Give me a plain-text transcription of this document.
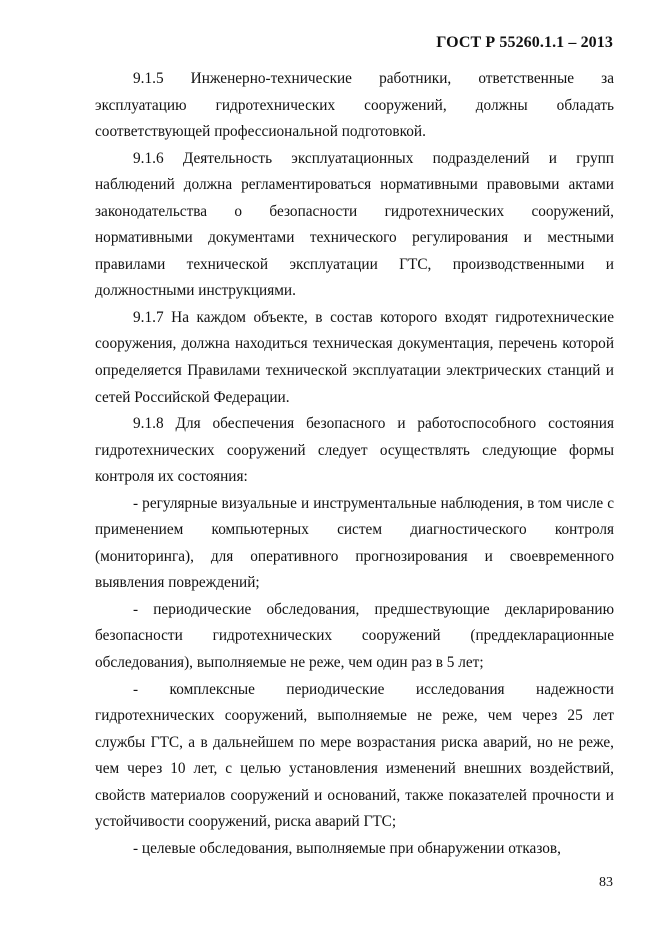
ГОСТ Р 55260.1.1 – 2013

9.1.5 Инженерно-технические работники, ответственные за эксплуатацию гидротехнических сооружений, должны обладать соответствующей профессиональной подготовкой.

9.1.6 Деятельность эксплуатационных подразделений и групп наблюдений должна регламентироваться нормативными правовыми актами законодательства о безопасности гидротехнических сооружений, нормативными документами технического регулирования и местными правилами технической эксплуатации ГТС, производственными и должностными инструкциями.

9.1.7 На каждом объекте, в состав которого входят гидротехнические сооружения, должна находиться техническая документация, перечень которой определяется Правилами технической эксплуатации электрических станций и сетей Российской Федерации.

9.1.8 Для обеспечения безопасного и работоспособного состояния гидротехнических сооружений следует осуществлять следующие формы контроля их состояния:

- регулярные визуальные и инструментальные наблюдения, в том числе с применением компьютерных систем диагностического контроля (мониторинга), для оперативного прогнозирования и своевременного выявления повреждений;

- периодические обследования, предшествующие декларированию безопасности гидротехнических сооружений (преддекларационные обследования), выполняемые не реже, чем один раз в 5 лет;

- комплексные периодические исследования надежности гидротехнических сооружений, выполняемые не реже, чем через 25 лет службы ГТС, а в дальнейшем по мере возрастания риска аварий, но не реже, чем через 10 лет, с целью установления изменений внешних воздействий, свойств материалов сооружений и оснований, также показателей прочности и устойчивости сооружений, риска аварий ГТС;

- целевые обследования, выполняемые при обнаружении отказов,

83
